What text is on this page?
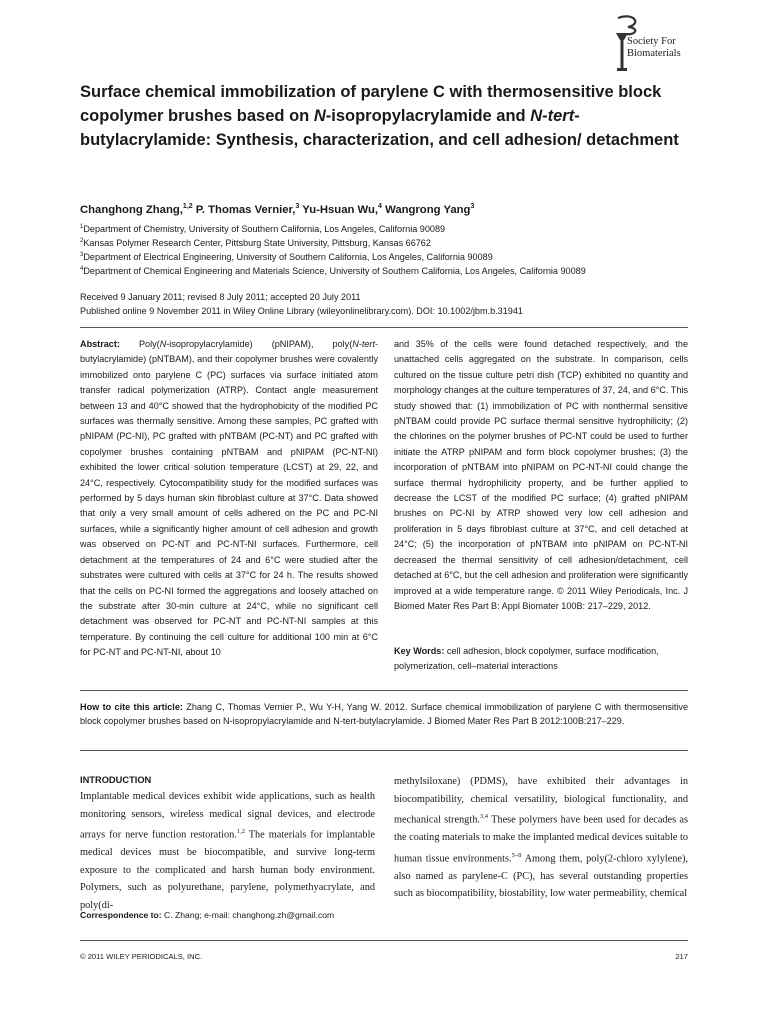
Society For
Biomaterials
Surface chemical immobilization of parylene C with thermosensitive block copolymer brushes based on N-isopropylacrylamide and N-tert-butylacrylamide: Synthesis, characterization, and cell adhesion/ detachment
Changhong Zhang,$^{1,2}$ P. Thomas Vernier,$^3$ Yu-Hsuan Wu,$^4$ Wangrong Yang$^3$
$^1$Department of Chemistry, University of Southern California, Los Angeles, California 90089
$^2$Kansas Polymer Research Center, Pittsburg State University, Pittsburg, Kansas 66762
$^3$Department of Electrical Engineering, University of Southern California, Los Angeles, California 90089
$^4$Department of Chemical Engineering and Materials Science, University of Southern California, Los Angeles, California 90089
Received 9 January 2011; revised 8 July 2011; accepted 20 July 2011
Published online 9 November 2011 in Wiley Online Library (wileyonlinelibrary.com). DOI: 10.1002/jbm.b.31941
Abstract: Poly(N-isopropylacrylamide) (pNIPAM), poly(N-tert-butylacrylamide) (pNTBAM), and their copolymer brushes were covalently immobilized onto parylene C (PC) surfaces via surface initiated atom transfer radical polymerization (ATRP). Contact angle measurement between 13 and 40°C showed that the hydrophobicity of the modified PC surfaces was thermally sensitive. Among these samples, PC grafted with pNIPAM (PC-NI), PC grafted with pNTBAM (PC-NT) and PC grafted with copolymer brushes containing pNTBAM and pNIPAM (PC-NT-NI) exhibited the lower critical solution temperature (LCST) at 29, 22, and 24°C, respectively. Cytocompatibility study for the modified surfaces was performed by 5 days human skin fibroblast culture at 37°C. Data showed that only a very small amount of cells adhered on the PC and PC-NI surfaces, while a significantly higher amount of cell adhesion and growth was observed on PC-NT and PC-NT-NI surfaces. Furthermore, cell detachment at the temperatures of 24 and 6°C were studied after the substrates were cultured with cells at 37°C for 24 h. The results showed that the cells on PC-NI formed the aggregations and loosely attached on the substrate after 30-min culture at 24°C, while no significant cell detachment was observed for PC-NT and PC-NT-NI samples at this temperature. By continuing the cell culture for additional 100 min at 6°C for PC-NT and PC-NT-NI, about 10
and 35% of the cells were found detached respectively, and the unattached cells aggregated on the substrate. In comparison, cells cultured on the tissue culture petri dish (TCP) exhibited no quantity and morphology changes at the culture temperatures of 37, 24, and 6°C. This study showed that: (1) immobilization of PC with nonthermal sensitive pNTBAM could provide PC surface thermal sensitive hydrophilicity; (2) the chlorines on the polymer brushes of PC-NT could be used to further initiate the ATRP pNIPAM and form block copolymer brushes; (3) the incorporation of pNTBAM into pNIPAM on PC-NT-NI could change the surface thermal hydrophilicity property, and be further applied to decrease the LCST of the modified PC surface; (4) grafted pNIPAM brushes on PC-NI by ATRP showed very low cell adhesion and proliferation in 5 days fibroblast culture at 37°C, and cell detached at 24°C; (5) the incorporation of pNTBAM into pNIPAM on PC-NT-NI decreased the thermal sensitivity of cell adhesion/detachment, cell detached at 6°C, but the cell adhesion and proliferation were significantly improved at a wide temperature range. © 2011 Wiley Periodicals, Inc. J Biomed Mater Res Part B: Appl Biomater 100B: 217–229, 2012.
Key Words: cell adhesion, block copolymer, surface modification, polymerization, cell–material interactions
How to cite this article: Zhang C, Thomas Vernier P., Wu Y-H, Yang W. 2012. Surface chemical immobilization of parylene C with thermosensitive block copolymer brushes based on N-isopropylacrylamide and N-tert-butylacrylamide. J Biomed Mater Res Part B 2012:100B:217–229.
INTRODUCTION
Implantable medical devices exhibit wide applications, such as health monitoring sensors, wireless medical signal devices, and electrode arrays for nerve function restoration.$^{1,2}$ The materials for implantable medical devices must be biocompatible, and survive long-term exposure to the complicated and harsh human body environment. Polymers, such as polyurethane, parylene, polymethyacrylate, and poly(di-
methylsiloxane) (PDMS), have exhibited their advantages in biocompatibility, chemical versatility, biological functionality, and mechanical strength.$^{3,4}$ These polymers have been used for decades as the coating materials to make the implanted medical devices suitable to human tissue environments.$^{5-8}$ Among them, poly(2-chloro xylylene), also named as parylene-C (PC), has several outstanding properties such as biocompatibility, biostability, low water permeability, chemical
Correspondence to: C. Zhang; e-mail: changhong.zh@gmail.com
© 2011 WILEY PERIODICALS, INC.	217
